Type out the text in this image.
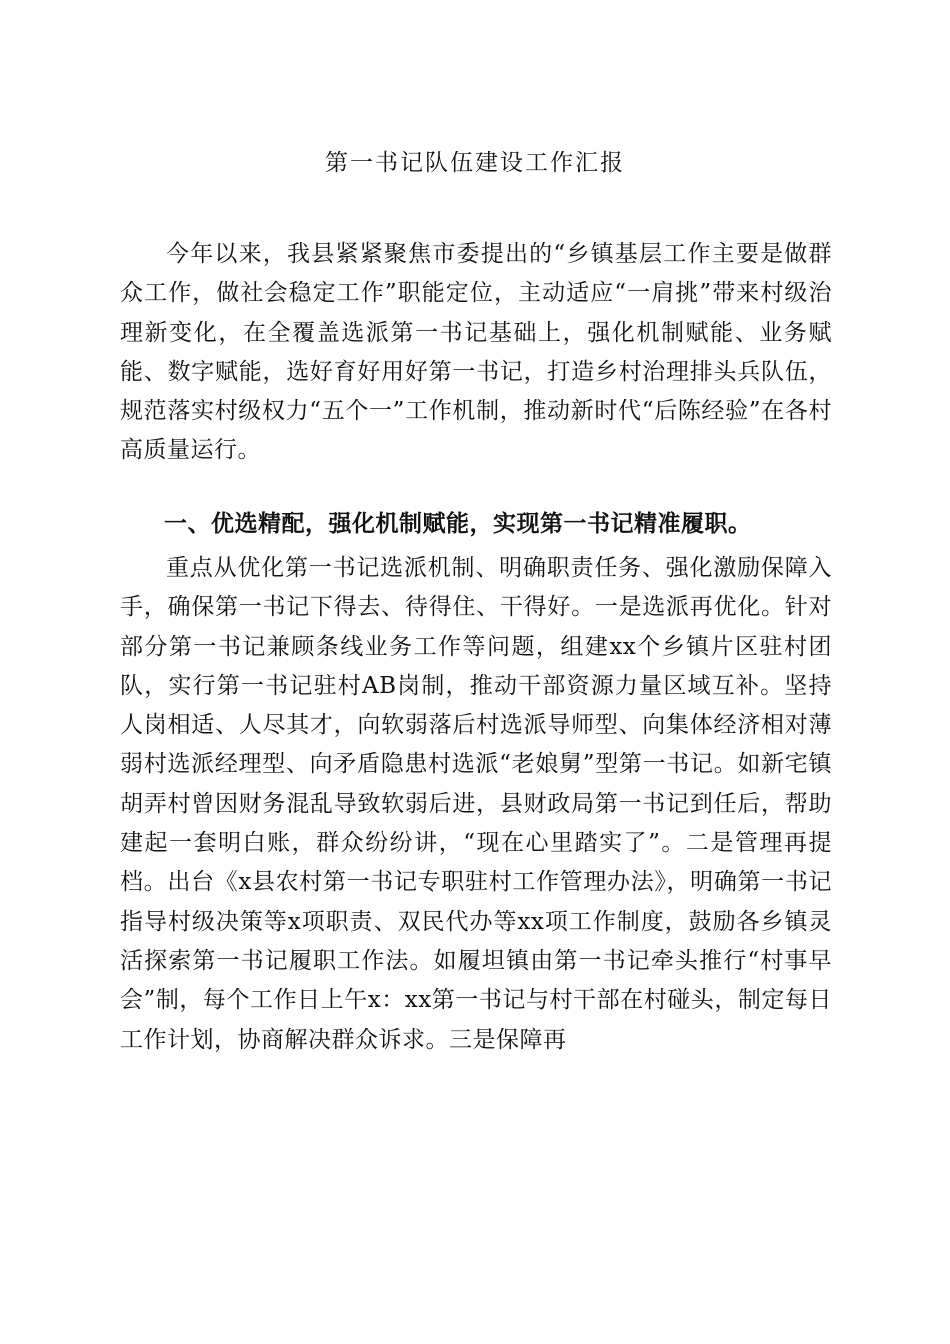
第一书记队伍建设工作汇报

今年以来，我县紧紧聚焦市委提出的“乡镇基层工作主要是做群众工作，做社会稳定工作”职能定位，主动适应“一肩挑”带来村级治理新变化，在全覆盖选派第一书记基础上，强化机制赋能、业务赋能、数字赋能，选好育好用好第一书记，打造乡村治理排头兵队伍，规范落实村级权力“五个一”工作机制，推动新时代“后陈经验”在各村高质量运行。

一、优选精配，强化机制赋能，实现第一书记精准履职。

重点从优化第一书记选派机制、明确职责任务、强化激励保障入手，确保第一书记下得去、待得住、干得好。一是选派再优化。针对部分第一书记兼顾条线业务工作等问题，组建xx个乡镇片区驻村团队，实行第一书记驻村AB岗制，推动干部资源力量区域互补。坚持人岗相适、人尽其才，向软弱落后村选派导师型、向集体经济相对薄弱村选派经理型、向矛盾隐患村选派“老娘舅”型第一书记。如新宅镇胡弄村曾因财务混乱导致软弱后进，县财政局第一书记到任后，帮助建起一套明白账，群众纷纷讲，“现在心里踏实了”。二是管理再提档。出台《x县农村第一书记专职驻村工作管理办法》，明确第一书记指导村级决策等x项职责、双民代办等xx项工作制度，鼓励各乡镇灵活探索第一书记履职工作法。如履坦镇由第一书记牵头推行“村事早会”制，每个工作日上午x：xx第一书记与村干部在村碰头，制定每日工作计划，协商解决群众诉求。三是保障再
